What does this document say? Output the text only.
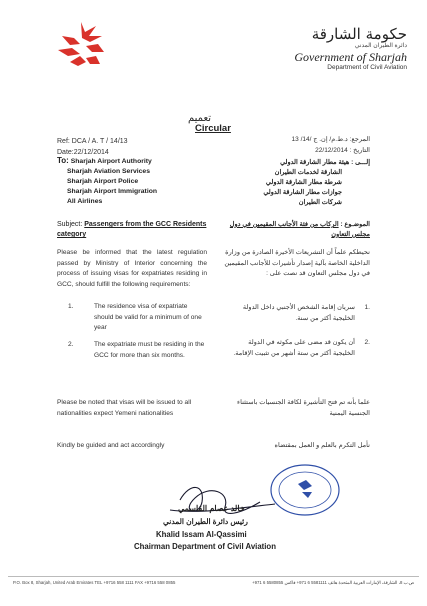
حكومة الشارقة
دائرة الطيران المدني
Government of Sharjah
Department of Civil Aviation
تعميم
Circular
Ref: DCA / A. T / 14/13
Date:22/12/2014
المرجع: د.ط.م/ إن. ج /14/ 13
التاريخ : 22/12/2014
To: Sharjah Airport Authority
Sharjah Aviation Services
Sharjah Airport Police
Sharjah Airport Immigration
All Airlines
إلـــى : هيئة مطار الشارقة الدولي
الشارقة لخدمات الطيران
شرطة مطار الشارقة الدولي
جوازات مطار الشارقة الدولي
شركات الطيران
Subject: Passengers from the GCC Residents category
الموضـوع : الركاب من فئة الأجانب المقيمين في دول مجلس التعاون
Please be informed that the latest regulation passed by Ministry of Interior concerning the process of issuing visas for expatriates residing in GCC, should fulfill the following requirements:
1.	The residence visa of expatriate should be valid for a minimum of one year
2.	The expatriate must be residing in the GCC for more than six months.
Please be noted that visas will be issued to all nationalities expect Yemeni nationalities
Kindly be guided and act accordingly
نحيطكم علماً أن التشريعات الأخيرة الصادرة من وزارة الداخلية الخاصة بآلية إصدار تأشيرات للأجانب المقيمين في دول مجلس التعاون قد نصت على :
.1
سريان إقامة الشخص الأجنبي داخل الدولة الخليجية أكثر من سنة.
.2
أن يكون قد مضى على مكوثه في الدولة الخليجية أكثر من ستة أشهر من تثبيت الإقامة.
علما بأنه تم فتح التأشيرة لكافة الجنسيات باستثناء الجنسية اليمنية
نأمل التكرم بالعلم و العمل بمقتضاه
خالد عصام القاسمي
رئيس دائرة الطيران المدني
Khalid Issam Al-Qassimi
Chairman Department of Civil Aviation
P.O. Box 8, Sharjah, United Arab Emirates TEL +9716 558 1111 FAX +9716 558 0855	ص.ب 8، الشارقة، الإمارات العربية المتحدة هاتف 5581111 6 971+ فاكس 5580855 6 971+
